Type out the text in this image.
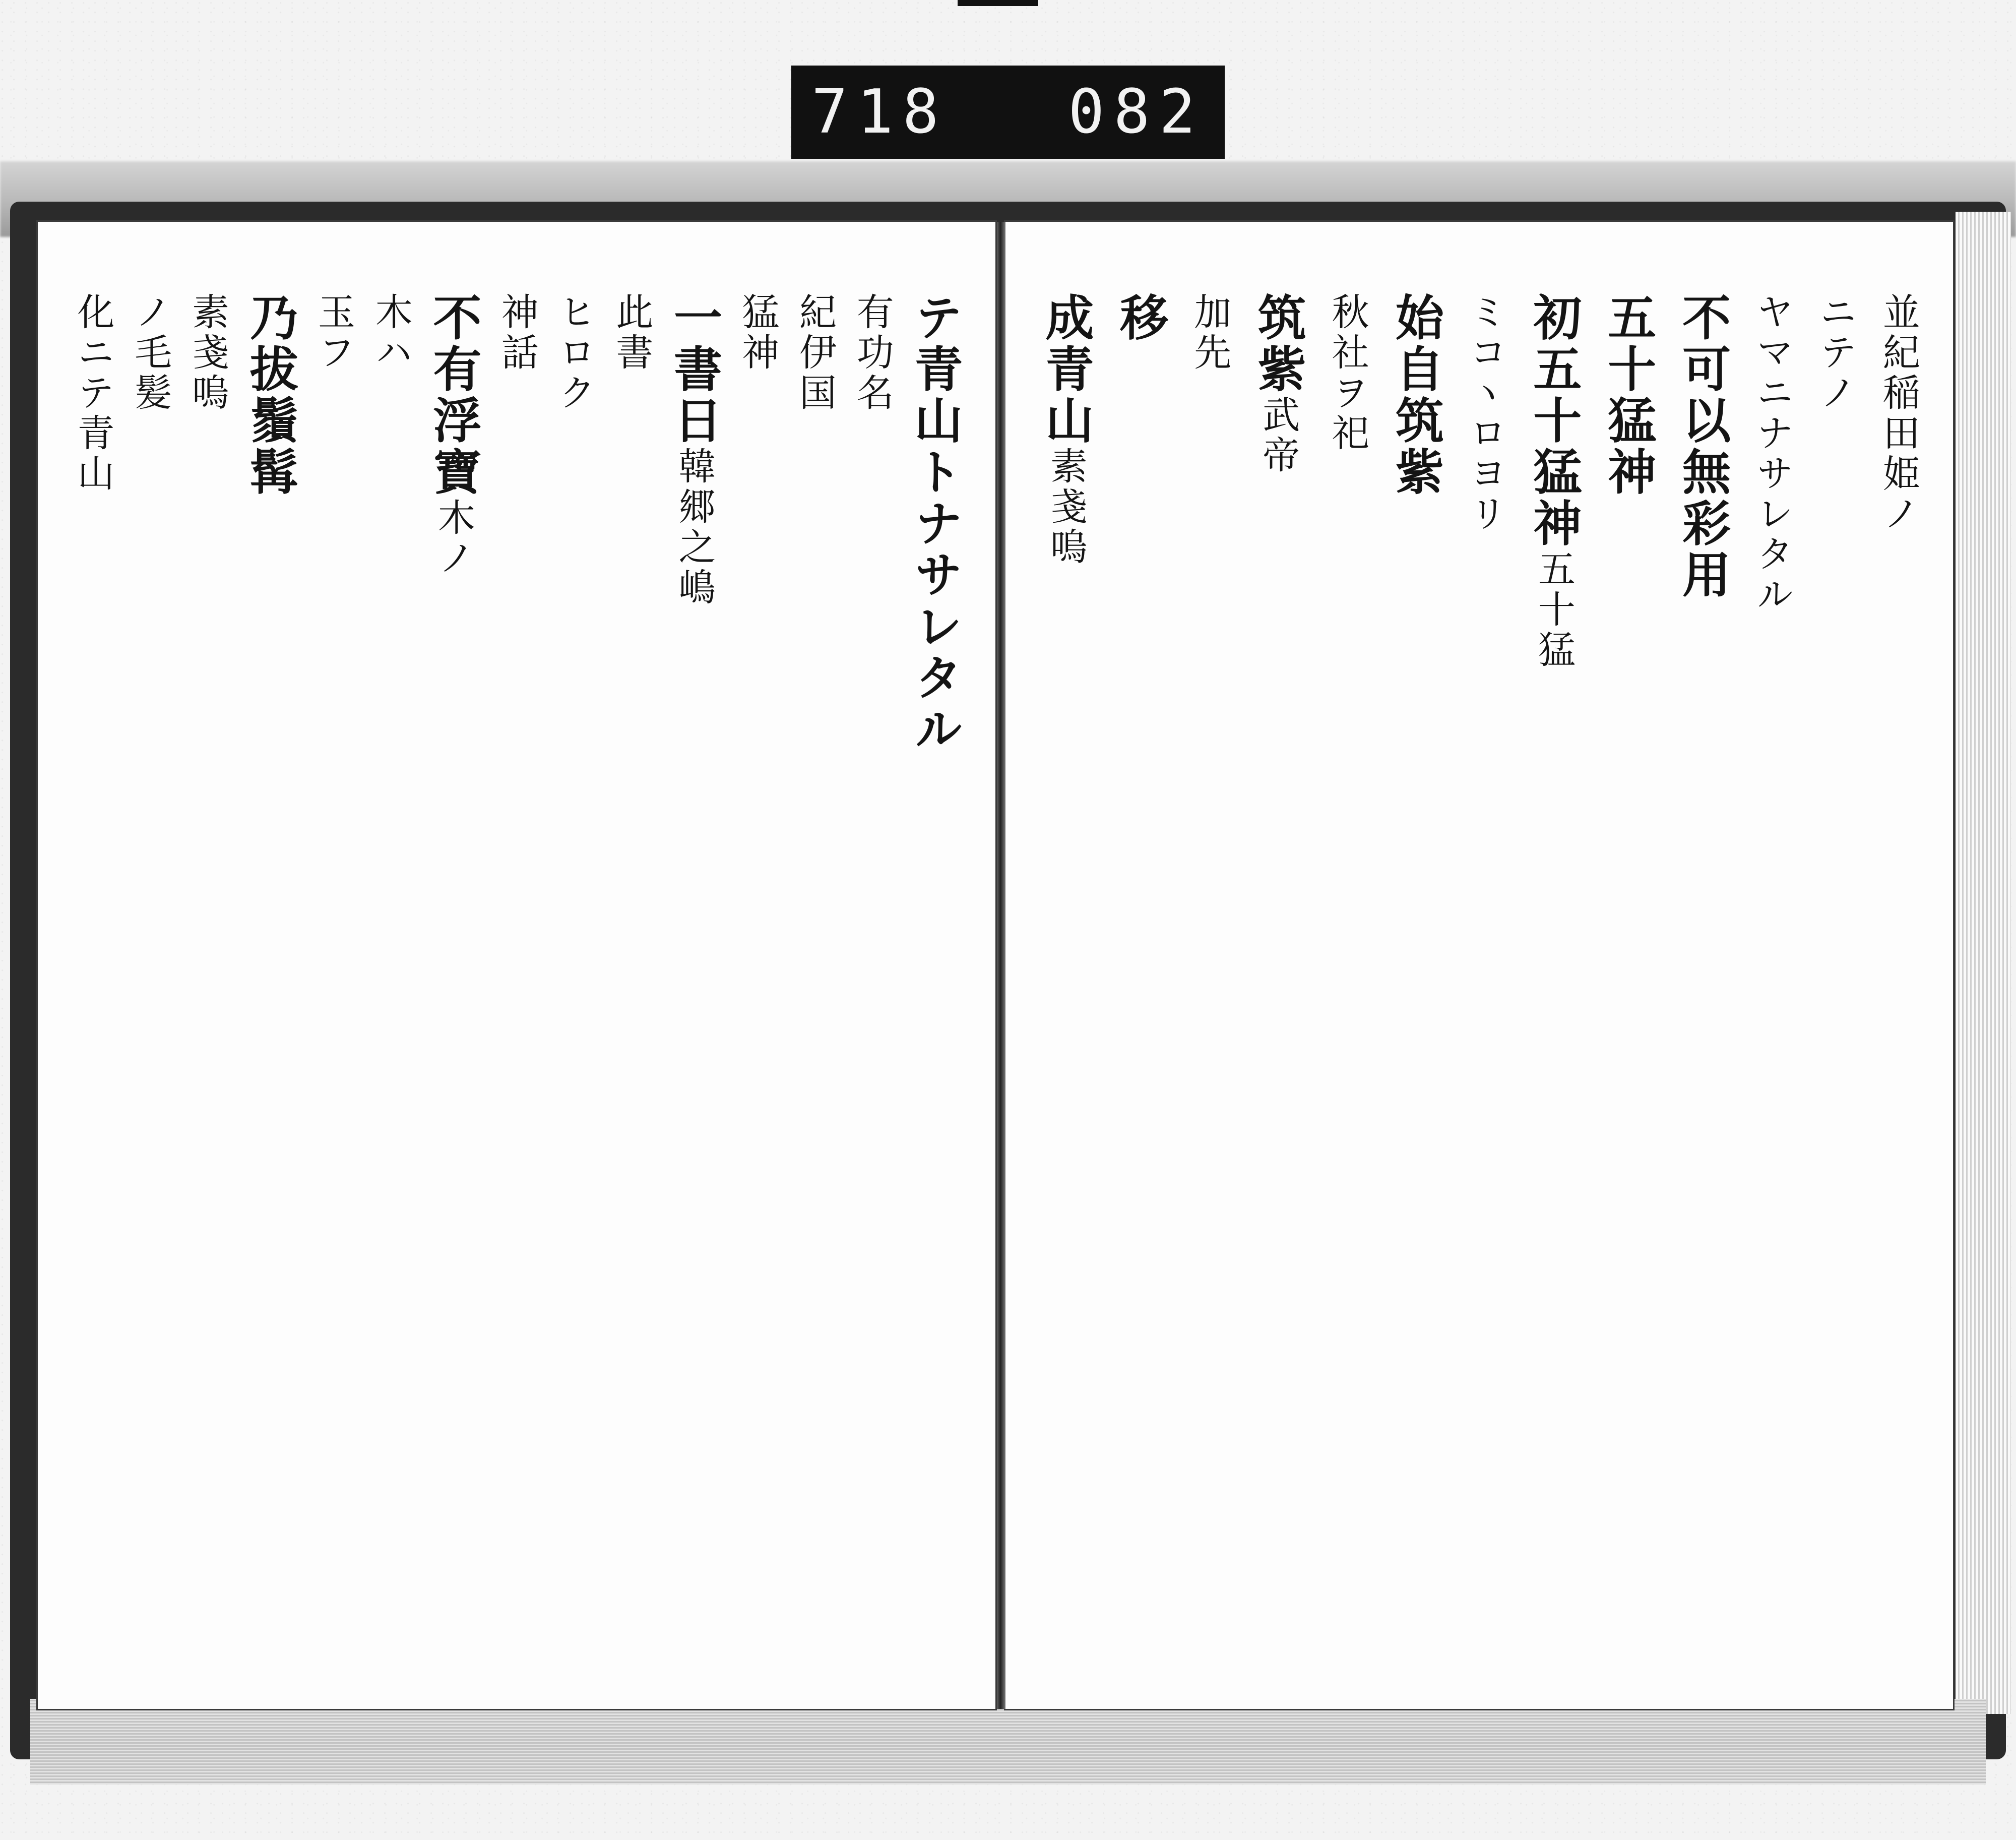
718 082
並紀稲田姫ノ
ニテノ
ヤマニナサレタル
不可以無彩用
五十猛神
初五十猛神五十猛
ミコヽロヨリ
始自筑紫
秋社ヲ祀
筑紫武帝
加先
移
成青山素戔嗚
テ青山トナサレタル
有功名
紀伊国
猛神
一書日韓郷之嶋
此書
ヒロク
神話
不有浮寶木ノ
木ハ
玉フ
乃拔鬚髯
素戔嗚
ノ毛髪
化ニテ青山
